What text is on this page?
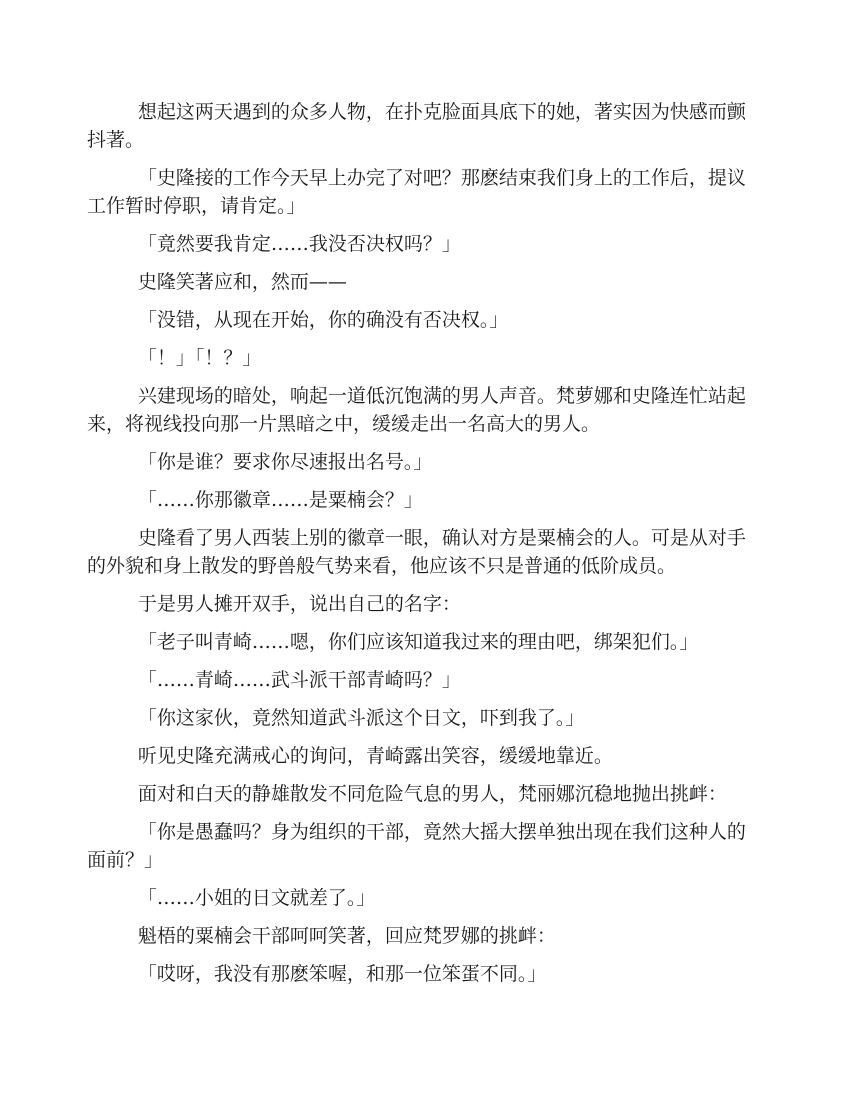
想起这两天遇到的众多人物，在扑克脸面具底下的她，著实因为快感而颤抖著。

「史隆接的工作今天早上办完了对吧？那麽结束我们身上的工作后，提议工作暂时停职，请肯定。」

「竟然要我肯定……我没否决权吗？」

史隆笑著应和，然而——

「没错，从现在开始，你的确没有否决权。」

「！」「！？」

兴建现场的暗处，响起一道低沉饱满的男人声音。梵萝娜和史隆连忙站起来，将视线投向那一片黑暗之中，缓缓走出一名高大的男人。

「你是谁？要求你尽速报出名号。」

「……你那徽章……是粟楠会？」

史隆看了男人西装上别的徽章一眼，确认对方是粟楠会的人。可是从对手的外貌和身上散发的野兽般气势来看，他应该不只是普通的低阶成员。

于是男人摊开双手，说出自己的名字：

「老子叫青崎……嗯，你们应该知道我过来的理由吧，绑架犯们。」

「……青崎……武斗派干部青崎吗？」

「你这家伙，竟然知道武斗派这个日文，吓到我了。」

听见史隆充满戒心的询问，青崎露出笑容，缓缓地靠近。

面对和白天的静雄散发不同危险气息的男人，梵丽娜沉稳地抛出挑衅：

「你是愚蠢吗？身为组织的干部，竟然大摇大摆单独出现在我们这种人的面前？」

「……小姐的日文就差了。」

魁梧的粟楠会干部呵呵笑著，回应梵罗娜的挑衅：

「哎呀，我没有那麽笨喔，和那一位笨蛋不同。」
